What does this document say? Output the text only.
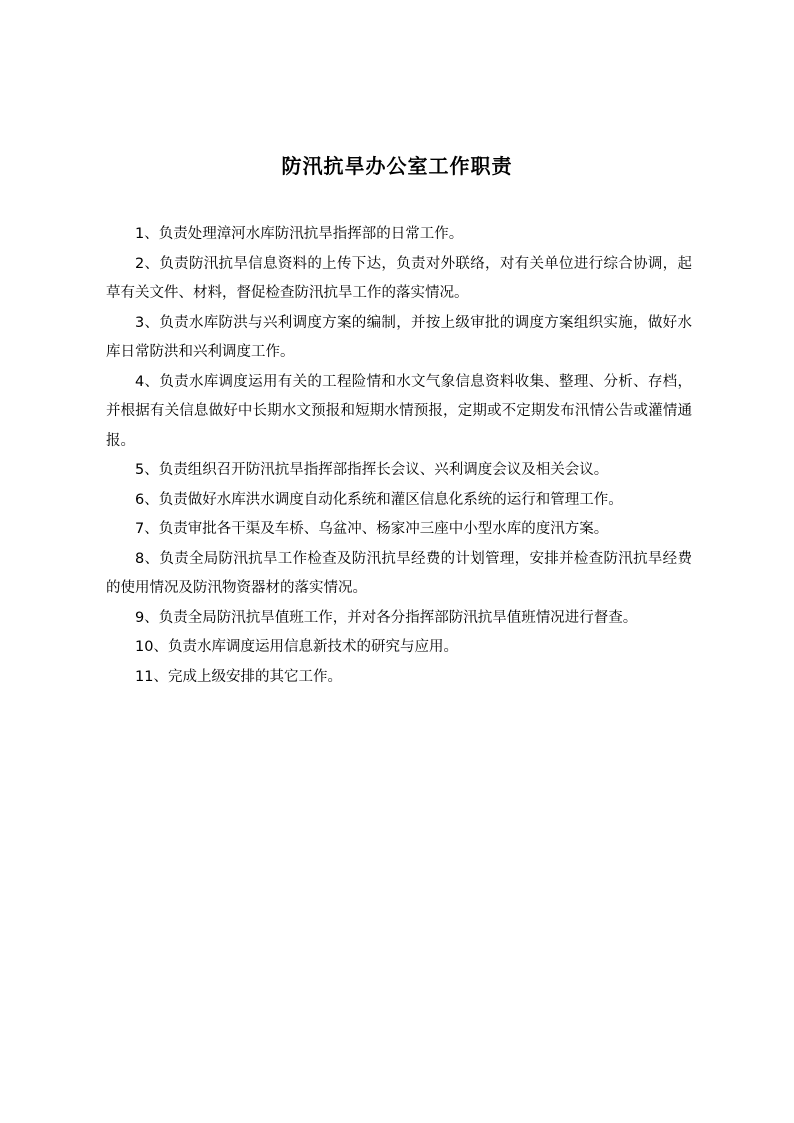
防汛抗旱办公室工作职责

1、负责处理漳河水库防汛抗旱指挥部的日常工作。

2、负责防汛抗旱信息资料的上传下达，负责对外联络，对有关单位进行综合协调，起草有关文件、材料，督促检查防汛抗旱工作的落实情况。

3、负责水库防洪与兴利调度方案的编制，并按上级审批的调度方案组织实施，做好水库日常防洪和兴利调度工作。

4、负责水库调度运用有关的工程险情和水文气象信息资料收集、整理、分析、存档，并根据有关信息做好中长期水文预报和短期水情预报，定期或不定期发布汛情公告或灌情通报。

5、负责组织召开防汛抗旱指挥部指挥长会议、兴利调度会议及相关会议。

6、负责做好水库洪水调度自动化系统和灌区信息化系统的运行和管理工作。

7、负责审批各干渠及车桥、乌盆冲、杨家冲三座中小型水库的度汛方案。

8、负责全局防汛抗旱工作检查及防汛抗旱经费的计划管理，安排并检查防汛抗旱经费的使用情况及防汛物资器材的落实情况。

9、负责全局防汛抗旱值班工作，并对各分指挥部防汛抗旱值班情况进行督查。

10、负责水库调度运用信息新技术的研究与应用。

11、完成上级安排的其它工作。
